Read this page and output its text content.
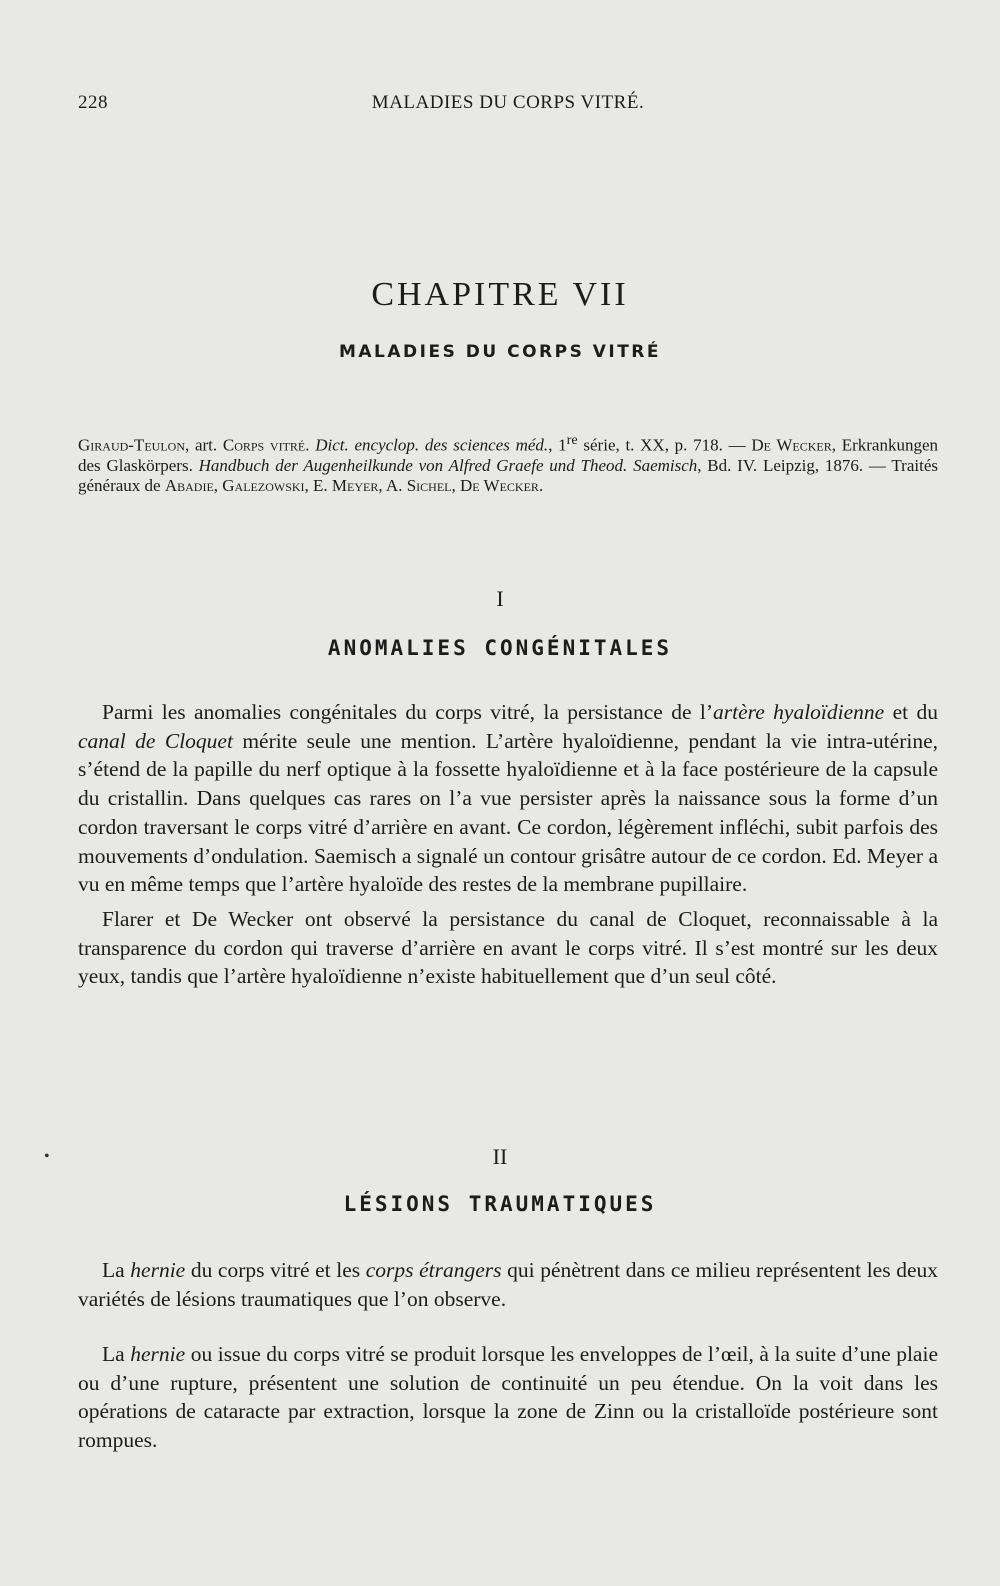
228	MALADIES DU CORPS VITRÉ.
CHAPITRE VII
MALADIES DU CORPS VITRÉ

Giraud-Teulon, art. Corps vitré. Dict. encyclop. des sciences méd., 1re série, t. XX, p. 718. — De Wecker, Erkrankungen des Glaskörpers. Handbuch der Augenheilkunde von Alfred Graefe und Theod. Saemisch, Bd. IV. Leipzig, 1876. — Traités généraux de Abadie, Galezowski, E. Meyer, A. Sichel, De Wecker.

I
ANOMALIES CONGÉNITALES

Parmi les anomalies congénitales du corps vitré, la persistance de l’artère hyaloïdienne et du canal de Cloquet mérite seule une mention. L’artère hyaloïdienne, pendant la vie intra-utérine, s’étend de la papille du nerf optique à la fossette hyaloïdienne et à la face postérieure de la capsule du cristallin. Dans quelques cas rares on l’a vue persister après la naissance sous la forme d’un cordon traversant le corps vitré d’arrière en avant. Ce cordon, légèrement infléchi, subit parfois des mouvements d’ondulation. Saemisch a signalé un contour grisâtre autour de ce cordon. Ed. Meyer a vu en même temps que l’artère hyaloïde des restes de la membrane pupillaire.

Flarer et De Wecker ont observé la persistance du canal de Cloquet, reconnaissable à la transparence du cordon qui traverse d’arrière en avant le corps vitré. Il s’est montré sur les deux yeux, tandis que l’artère hyaloïdienne n’existe habituellement que d’un seul côté.

•	II
LÉSIONS TRAUMATIQUES

La hernie du corps vitré et les corps étrangers qui pénètrent dans ce milieu représentent les deux variétés de lésions traumatiques que l’on observe.

La hernie ou issue du corps vitré se produit lorsque les enveloppes de l’œil, à la suite d’une plaie ou d’une rupture, présentent une solution de continuité un peu étendue. On la voit dans les opérations de cataracte par extraction, lorsque la zone de Zinn ou la cristalloïde postérieure sont rompues.
